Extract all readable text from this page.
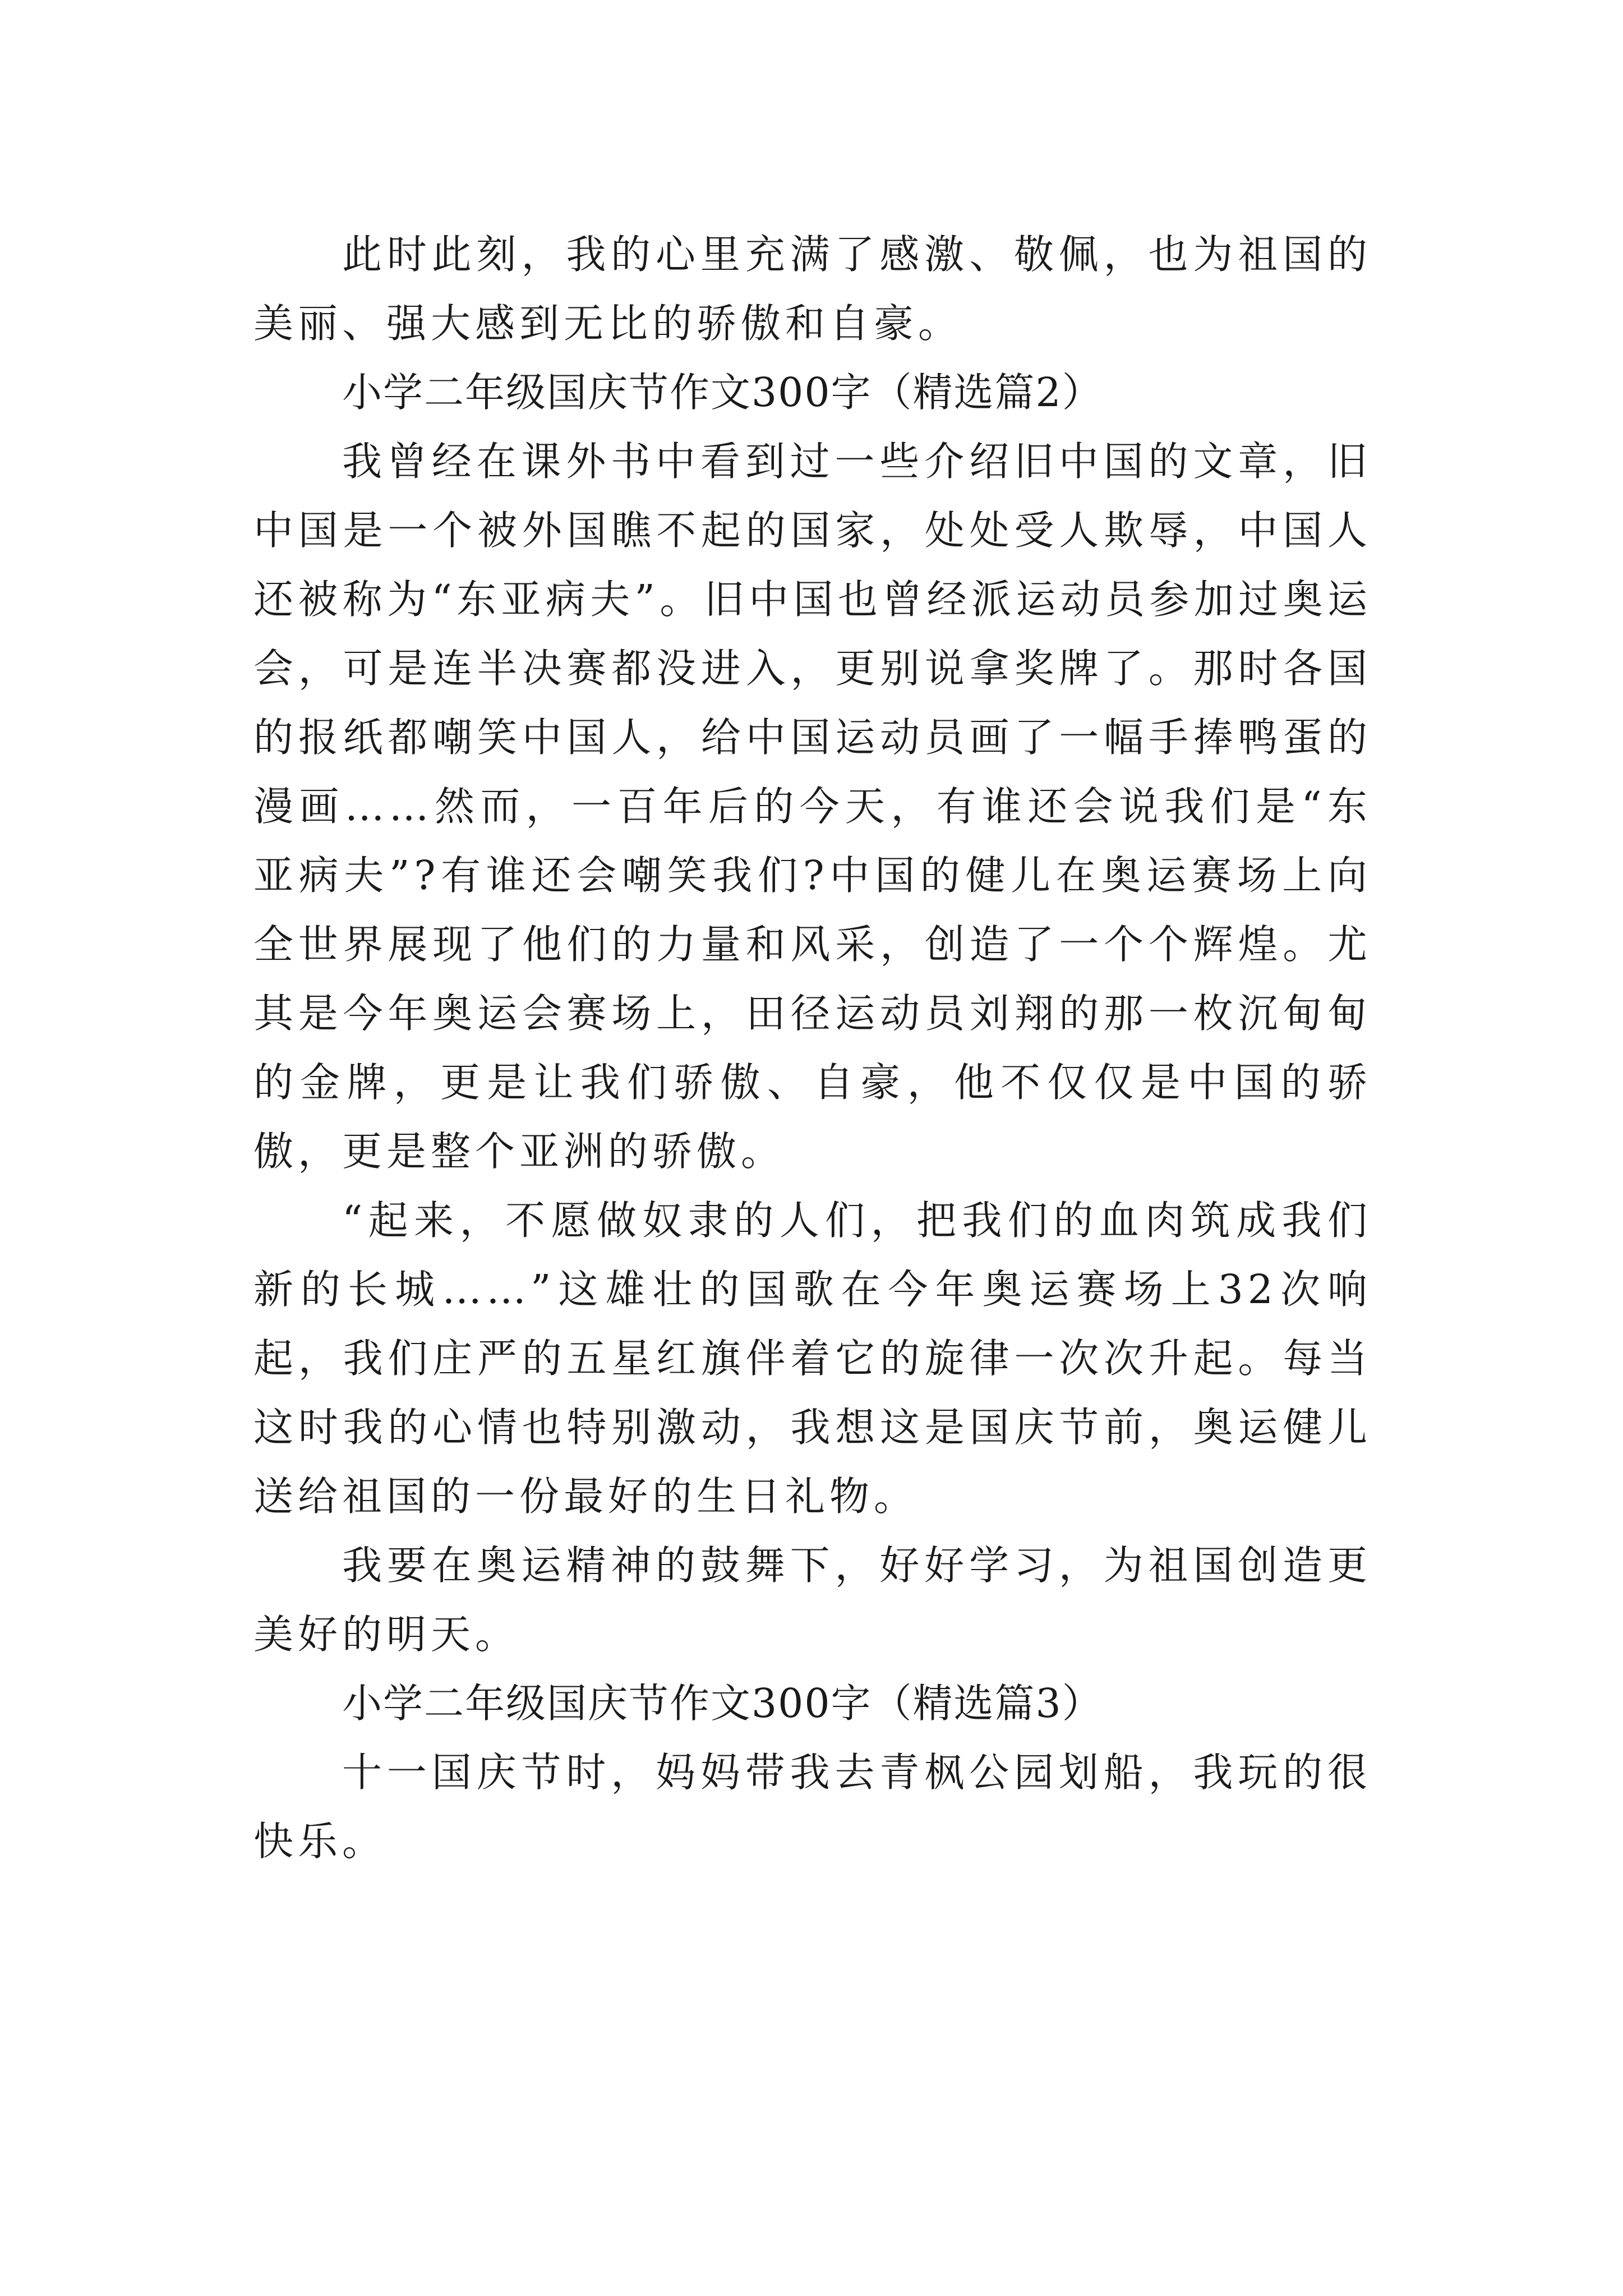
此时此刻，我的心里充满了感激、敬佩，也为祖国的美丽、强大感到无比的骄傲和自豪。

小学二年级国庆节作文300字（精选篇2）

我曾经在课外书中看到过一些介绍旧中国的文章，旧中国是一个被外国瞧不起的国家，处处受人欺辱，中国人还被称为“东亚病夫”。旧中国也曾经派运动员参加过奥运会，可是连半决赛都没进入，更别说拿奖牌了。那时各国的报纸都嘲笑中国人，给中国运动员画了一幅手捧鸭蛋的漫画……然而，一百年后的今天，有谁还会说我们是“东亚病夫”?有谁还会嘲笑我们?中国的健儿在奥运赛场上向全世界展现了他们的力量和风采，创造了一个个辉煌。尤其是今年奥运会赛场上，田径运动员刘翔的那一枚沉甸甸的金牌，更是让我们骄傲、自豪，他不仅仅是中国的骄傲，更是整个亚洲的骄傲。

“起来，不愿做奴隶的人们，把我们的血肉筑成我们新的长城……”这雄壮的国歌在今年奥运赛场上32次响起，我们庄严的五星红旗伴着它的旋律一次次升起。每当这时我的心情也特别激动，我想这是国庆节前，奥运健儿送给祖国的一份最好的生日礼物。

我要在奥运精神的鼓舞下，好好学习，为祖国创造更美好的明天。

小学二年级国庆节作文300字（精选篇3）

十一国庆节时，妈妈带我去青枫公园划船，我玩的很快乐。
